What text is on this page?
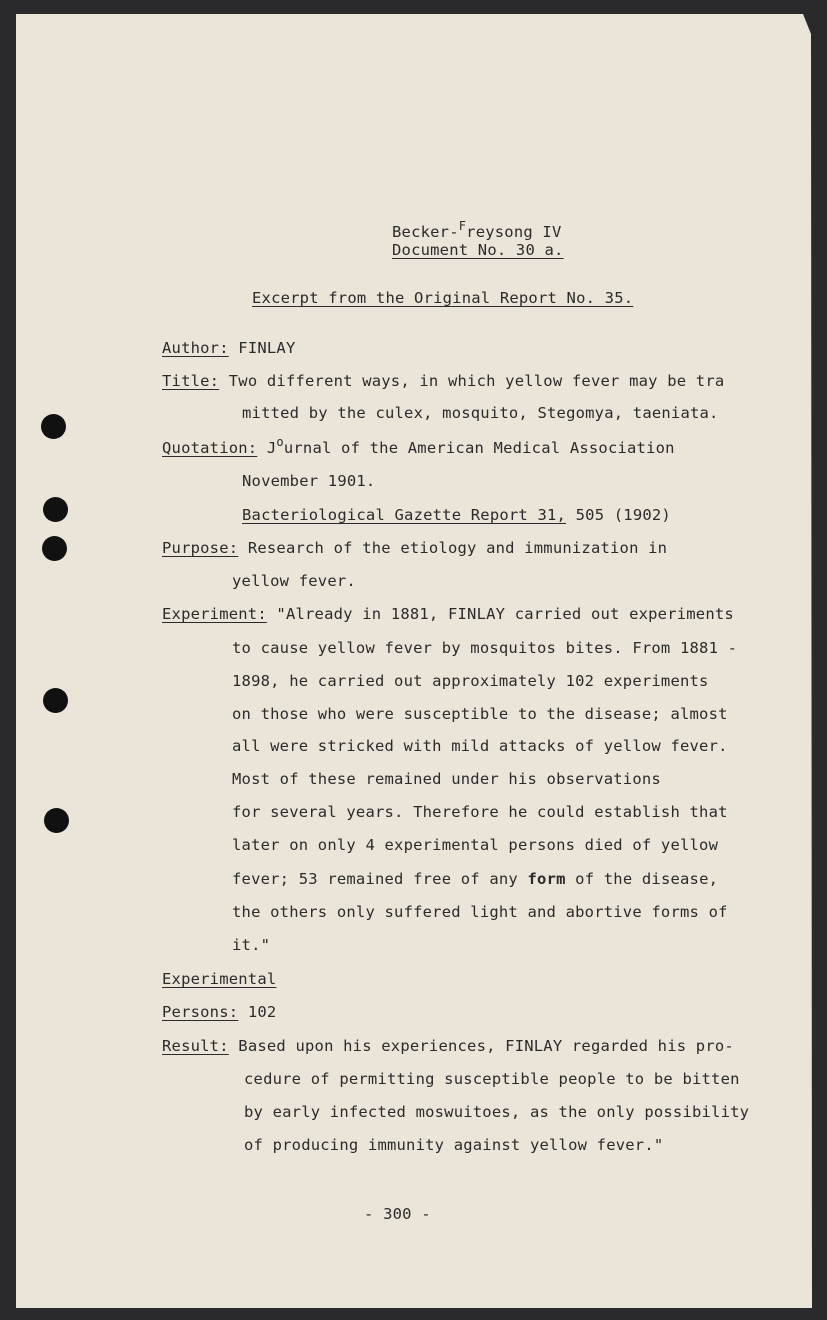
Becker-$^F$reysong IV
Document No. 30 a.
Excerpt from the Original Report No. 35.
Author: FINLAY
Title: Two different ways, in which yellow fever may be tra
mitted by the culex, mosquito, Stegomya, taeniata.
Quotation: $J^ournal$ of the American Medical Association
November 1901.
Bacteriological Gazette Report 31, 505 (1902)
Purpose: Research of the etiology and immunization in
yellow fever.
Experiment: "Already in 1881, FINLAY carried out experiments
to cause yellow fever by mosquitos bites. From 1881 -
1898, he carried out approximately 102 experiments
on those who were susceptible to the disease; almost
all were stricked with mild attacks of yellow fever.
Most of these remained under his observations
for several years. Therefore he could establish that
later on only 4 experimental persons died of yellow
fever; 53 remained free of any form of the disease,
the others only suffered light and abortive forms of
it."
Experimental
Persons: 102
Result: Based upon his experiences, FINLAY regarded his pro-
cedure of permitting susceptible people to be bitten
by early infected moswuitoes, as the only possibility
of producing immunity against yellow fever."
- 300 -
